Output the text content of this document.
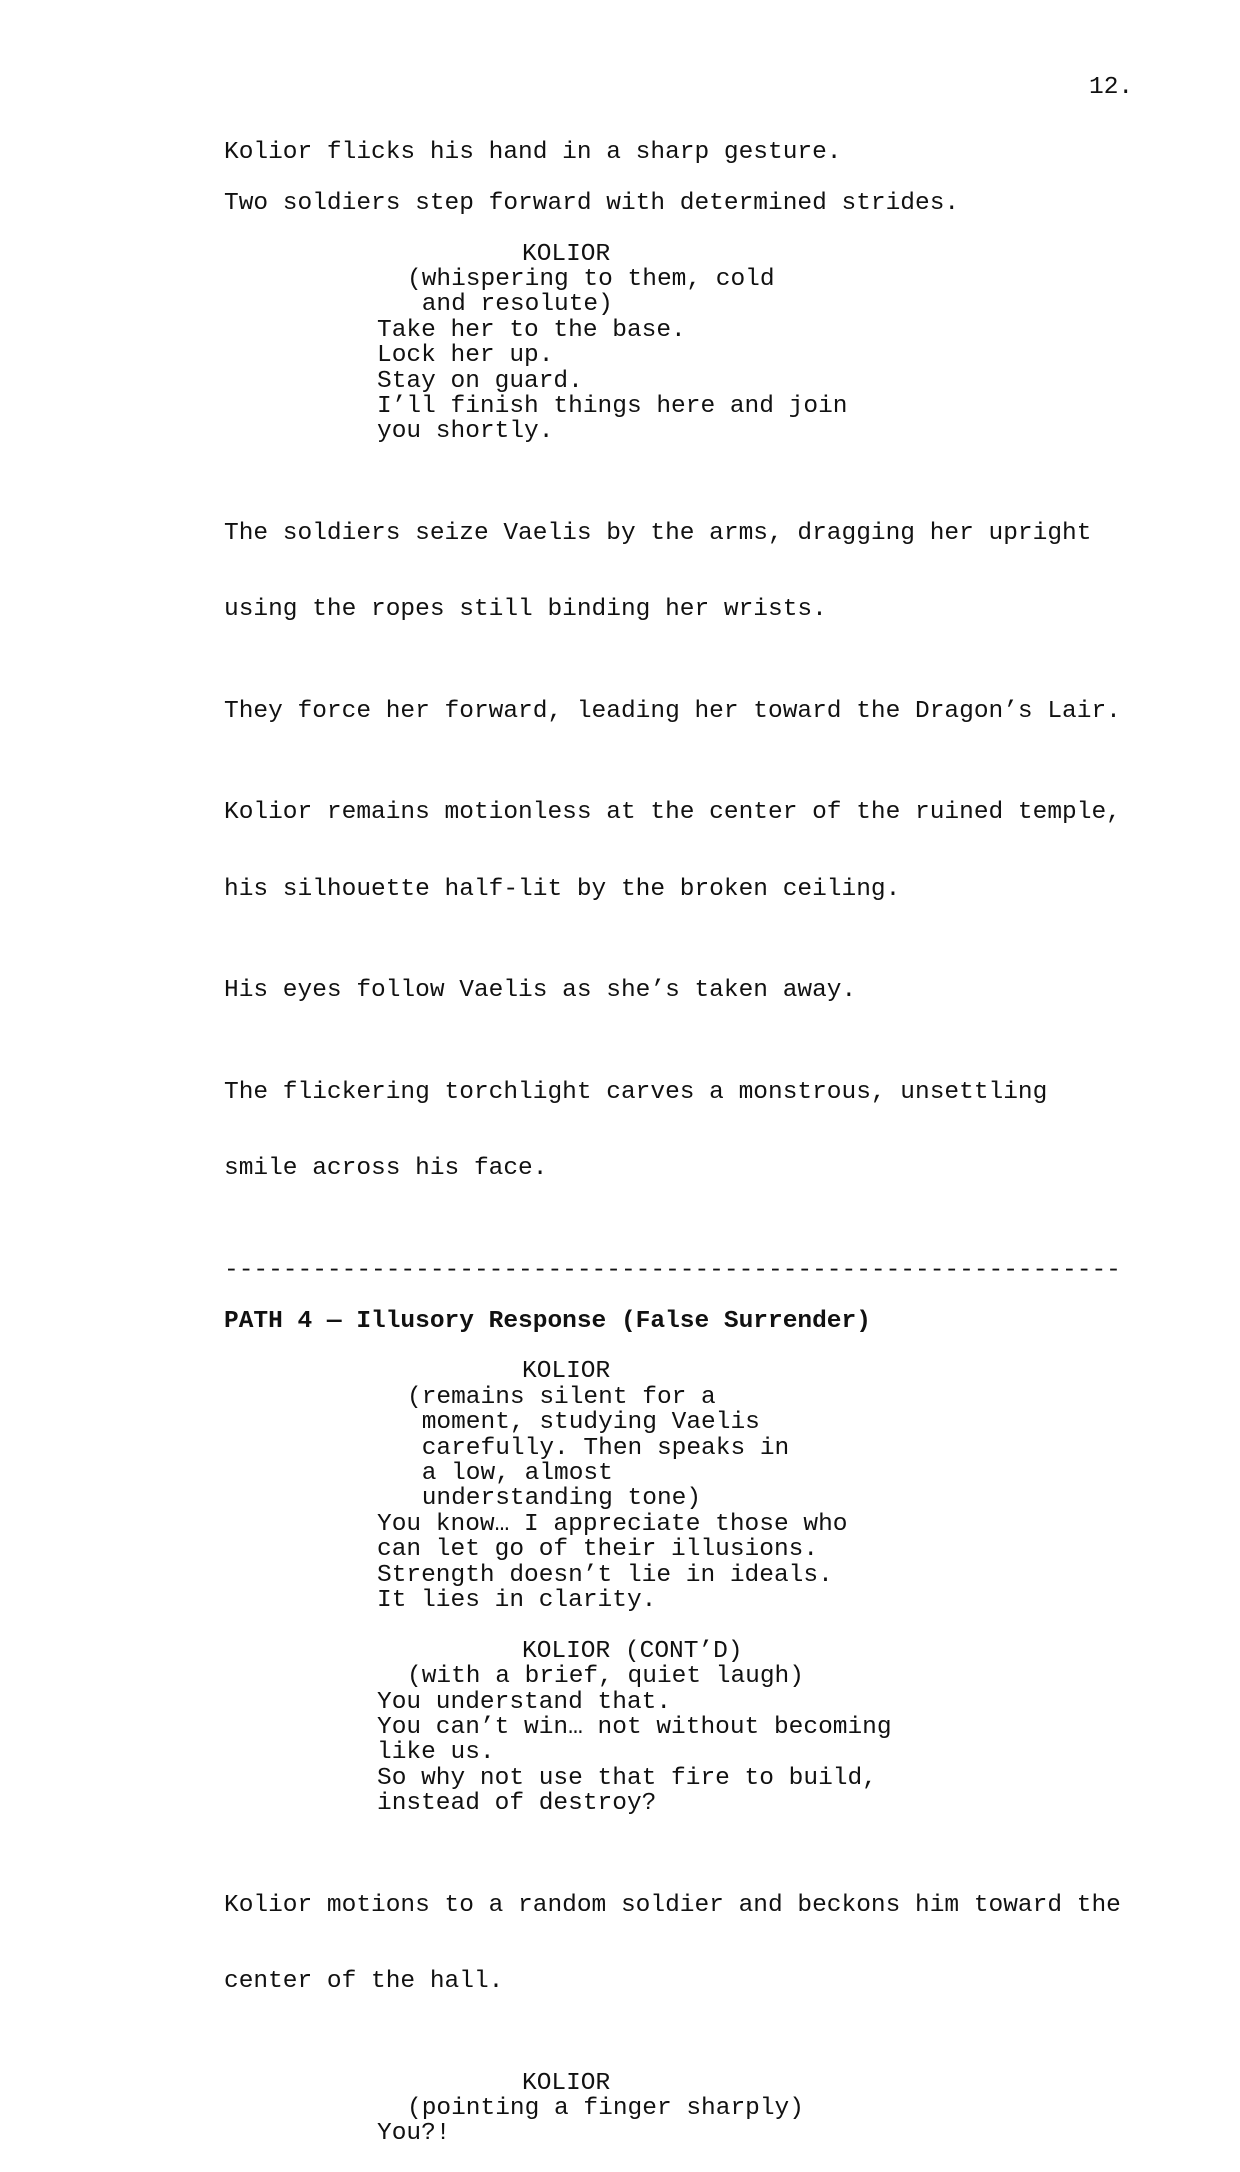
12.

Kolior flicks his hand in a sharp gesture.

Two soldiers step forward with determined strides.

KOLIOR

(whispering to them, cold

and resolute)

Take her to the base.

Lock her up.

Stay on guard.

I’ll finish things here and join

you shortly.

The soldiers seize Vaelis by the arms, dragging her upright

using the ropes still binding her wrists.

They force her forward, leading her toward the Dragon’s Lair.

Kolior remains motionless at the center of the ruined temple,

his silhouette half-lit by the broken ceiling.

His eyes follow Vaelis as she’s taken away.

The flickering torchlight carves a monstrous, unsettling

smile across his face.

-------------------------------------------------------------

PATH 4 — Illusory Response (False Surrender)

KOLIOR

(remains silent for a

moment, studying Vaelis

carefully. Then speaks in

a low, almost

understanding tone)

You know… I appreciate those who

can let go of their illusions.

Strength doesn’t lie in ideals.

It lies in clarity.

KOLIOR (CONT’D)

(with a brief, quiet laugh)

You understand that.

You can’t win… not without becoming

like us.

So why not use that fire to build,

instead of destroy?

Kolior motions to a random soldier and beckons him toward the

center of the hall.

KOLIOR

(pointing a finger sharply)

You?!
